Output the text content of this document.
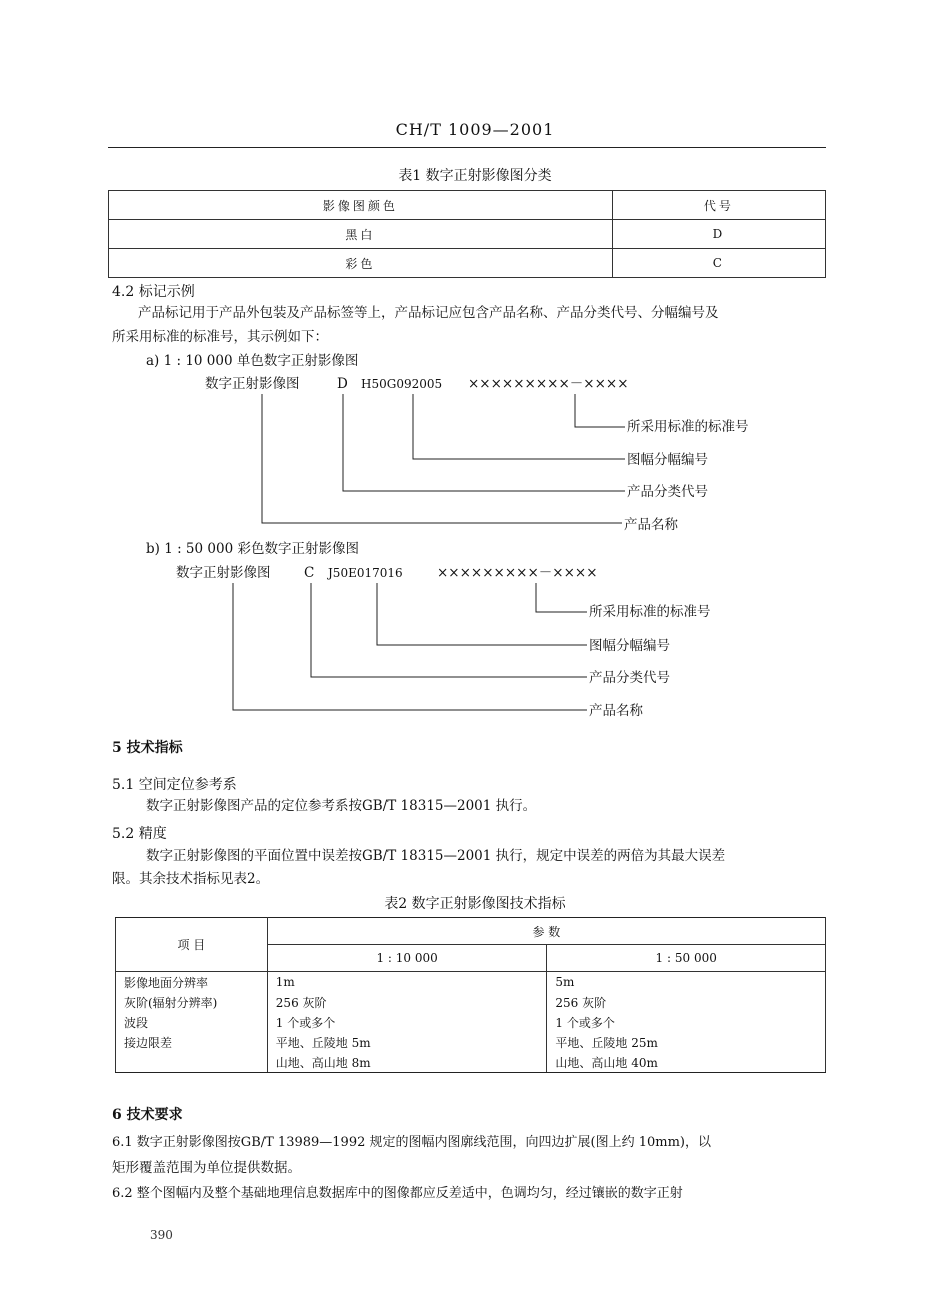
CH/T 1009—2001
表1 数字正射影像图分类
影像图颜色	代号
黑白	D
彩色	C
4.2 标记示例
产品标记用于产品外包装及产品标签等上，产品标记应包含产品名称、产品分类代号、分幅编号及
所采用标准的标准号，其示例如下：
a) 1 : 10 000 单色数字正射影像图
数字正射影像图	D H50G092005 ×××××××××－××××
所采用标准的标准号
图幅分幅编号
产品分类代号
产品名称
b) 1 : 50 000 彩色数字正射影像图
数字正射影像图 C J50E017016	×××××××××－××××
所采用标准的标准号
图幅分幅编号
产品分类代号
产品名称
5 技术指标
5.1 空间定位参考系
数字正射影像图产品的定位参考系按GB/T 18315—2001 执行。
5.2 精度
数字正射影像图的平面位置中误差按GB/T 18315—2001 执行，规定中误差的两倍为其最大误差
限。其余技术指标见表2。
表2 数字正射影像图技术指标
项 目	参 数	
	1 : 10 000	1 : 50 000
影像地面分辨率	1m	5m
灰阶(辐射分辨率)	256 灰阶	256 灰阶
波段	1 个或多个	1 个或多个
接边限差	平地、丘陵地 5m	平地、丘陵地 25m
	山地、高山地 8m	山地、高山地 40m
6 技术要求
6.1 数字正射影像图按GB/T 13989—1992 规定的图幅内图廓线范围，向四边扩展(图上约 10mm)，以
矩形覆盖范围为单位提供数据。
6.2 整个图幅内及整个基础地理信息数据库中的图像都应反差适中，色调均匀，经过镶嵌的数字正射
390
